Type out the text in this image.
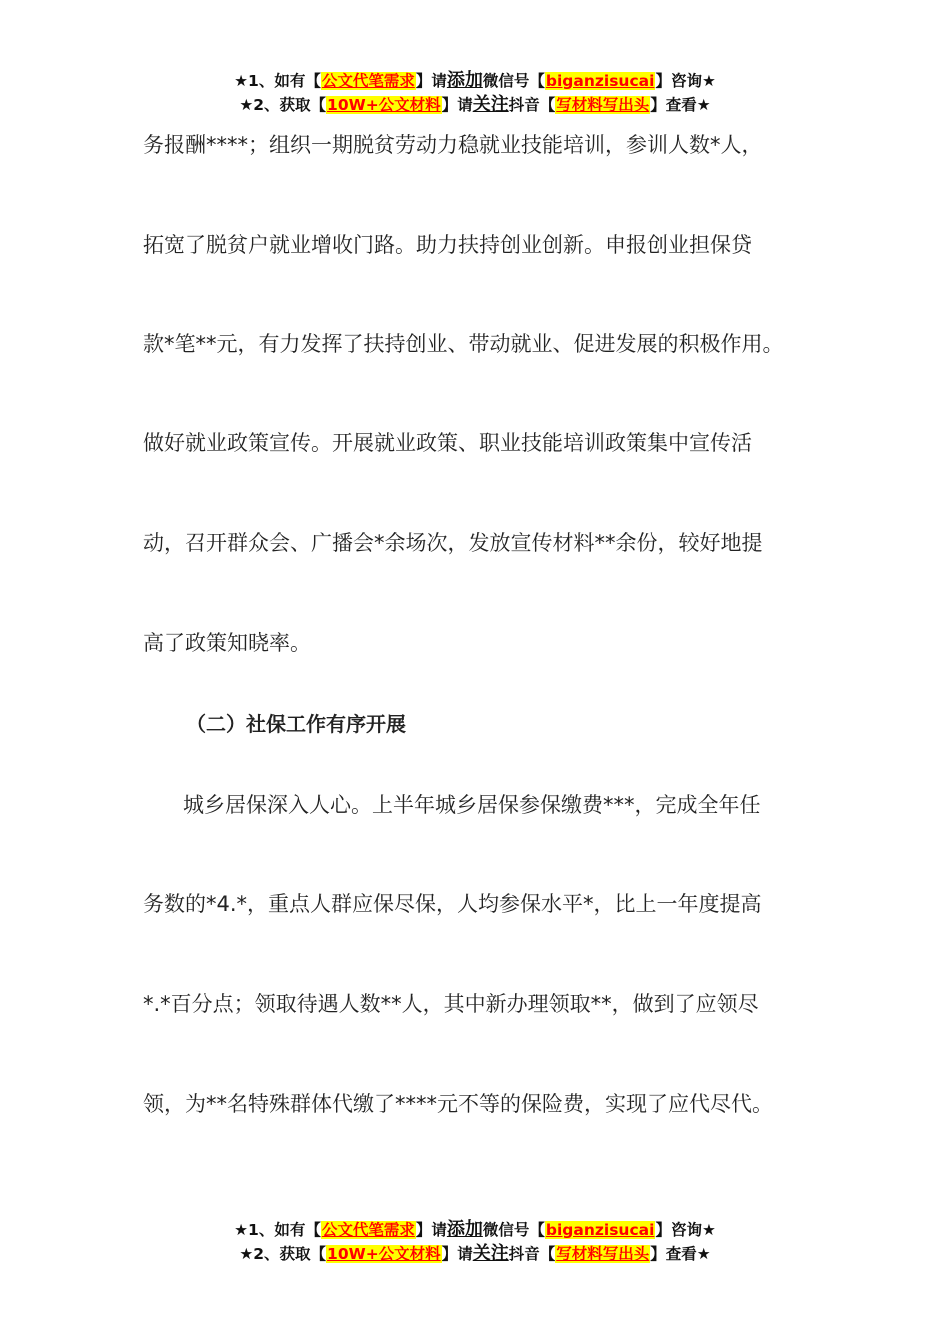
★1、如有【公文代笔需求】请添加微信号【biganzisucai】咨询★
★2、获取【10W+公文材料】请关注抖音【写材料写出头】查看★
务报酬****；组织一期脱贫劳动力稳就业技能培训，参训人数*人，
拓宽了脱贫户就业增收门路。助力扶持创业创新。申报创业担保贷
款*笔**元，有力发挥了扶持创业、带动就业、促进发展的积极作用。
做好就业政策宣传。开展就业政策、职业技能培训政策集中宣传活
动，召开群众会、广播会*余场次，发放宣传材料**余份，较好地提
高了政策知晓率。
（二）社保工作有序开展
城乡居保深入人心。上半年城乡居保参保缴费***，完成全年任
务数的*4.*，重点人群应保尽保，人均参保水平*，比上一年度提高
*.*百分点；领取待遇人数**人，其中新办理领取**，做到了应领尽
领，为**名特殊群体代缴了****元不等的保险费，实现了应代尽代。
★1、如有【公文代笔需求】请添加微信号【biganzisucai】咨询★
★2、获取【10W+公文材料】请关注抖音【写材料写出头】查看★
